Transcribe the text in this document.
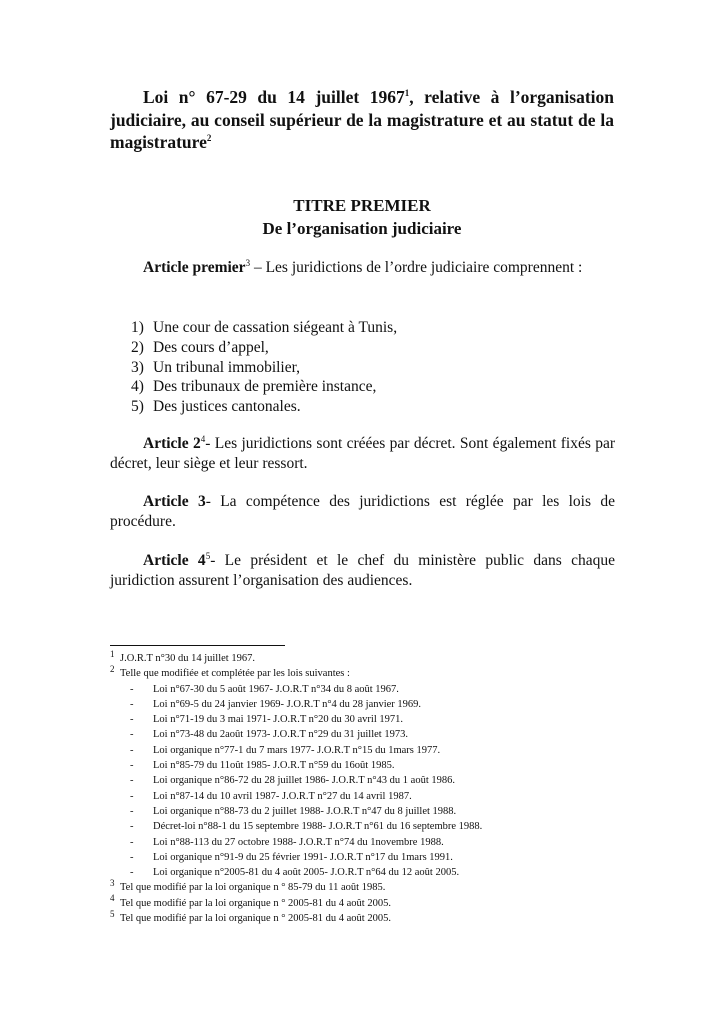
Loi n° 67-29 du 14 juillet 1967$^1$, relative à l’organisation judiciaire, au conseil supérieur de la magistrature et au statut de la magistrature$^2$
TITRE PREMIER
De l’organisation judiciaire
Article premier$^3$ – Les juridictions de l’ordre judiciaire comprennent :
1) Une cour de cassation siégeant à Tunis,
2) Des cours d’appel,
3) Un tribunal immobilier,
4) Des tribunaux de première instance,
5) Des justices cantonales.
Article $2^4-$ Les juridictions sont créées par décret. Sont également fixés par décret, leur siège et leur ressort.
Article 3- La compétence des juridictions est réglée par les lois de procédure.
Article $4^5-$ Le président et le chef du ministère public dans chaque juridiction assurent l’organisation des audiences.
$^1$ J.O.R.T n°30 du 14 juillet 1967.
$^2$ Telle que modifiée et complétée par les lois suivantes :
- Loi n°67-30 du 5 août 1967- J.O.R.T n°34 du 8 août 1967.
- Loi n°69-5 du 24 janvier 1969- J.O.R.T n°4 du 28 janvier 1969.
- Loi n°71-19 du 3 mai 1971- J.O.R.T n°20 du 30 avril 1971.
- Loi n°73-48 du 2août 1973- J.O.R.T n°29 du 31 juillet 1973.
- Loi organique n°77-1 du 7 mars 1977- J.O.R.T n°15 du 1mars 1977.
- Loi n°85-79 du 11oût 1985- J.O.R.T n°59 du 16oût 1985.
- Loi organique n°86-72 du 28 juillet 1986- J.O.R.T n°43 du 1 août 1986.
- Loi n°87-14 du 10 avril 1987- J.O.R.T n°27 du 14 avril 1987.
- Loi organique n°88-73 du 2 juillet 1988- J.O.R.T n°47 du 8 juillet 1988.
- Décret-loi n°88-1 du 15 septembre 1988- J.O.R.T n°61 du 16 septembre 1988.
- Loi n°88-113 du 27 octobre 1988- J.O.R.T n°74 du 1novembre 1988.
- Loi organique n°91-9 du 25 février 1991- J.O.R.T n°17 du 1mars 1991.
- Loi organique n°2005-81 du 4 août 2005- J.O.R.T n°64 du 12 août 2005.
$^3$ Tel que modifié par la loi organique n ° 85-79 du 11 août 1985.
$^4$ Tel que modifié par la loi organique n ° 2005-81 du 4 août 2005.
$^5$ Tel que modifié par la loi organique n ° 2005-81 du 4 août 2005.
